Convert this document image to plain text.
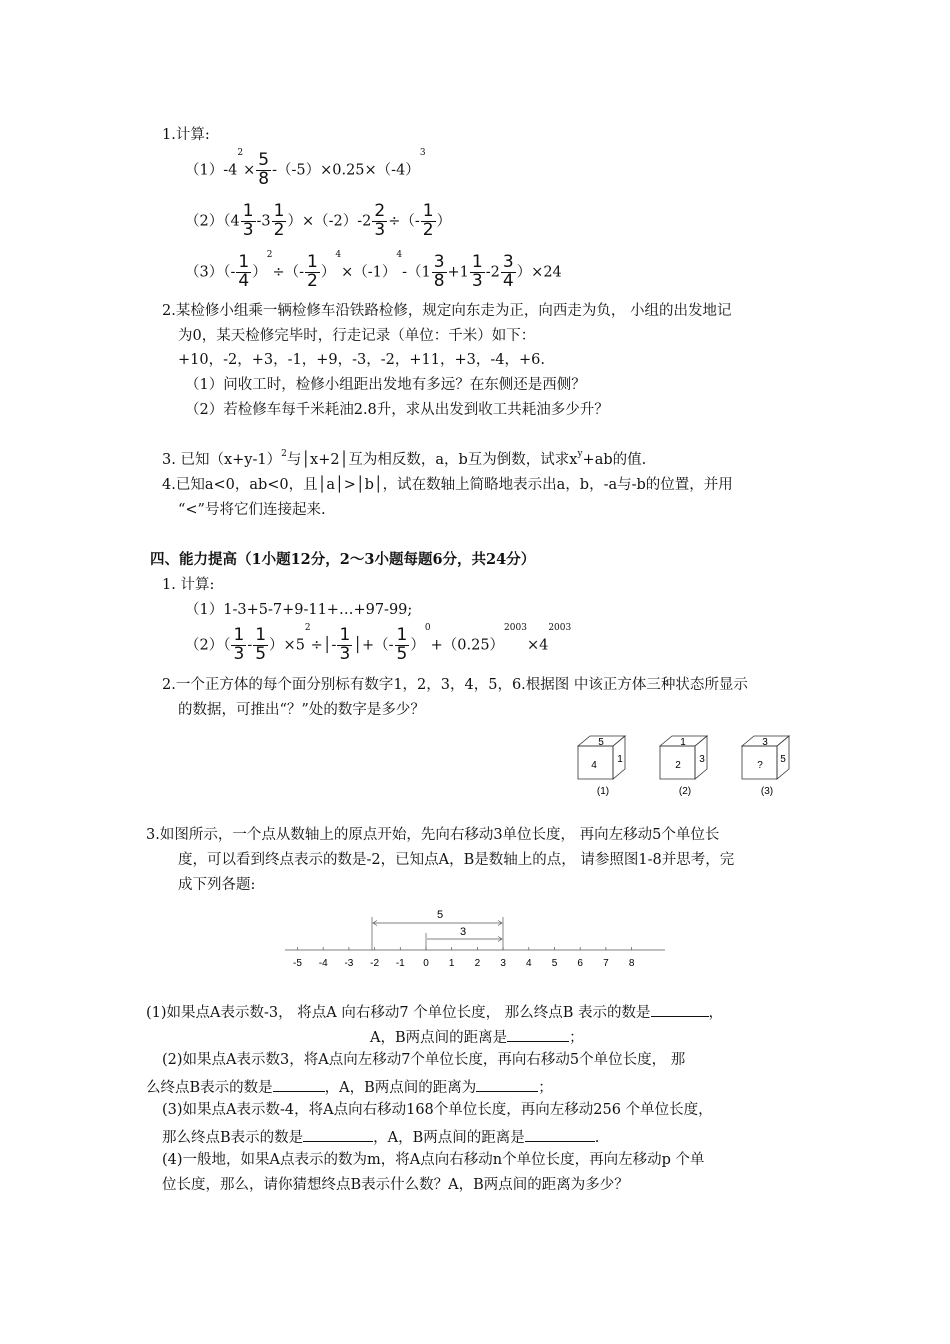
1.计算:
$(1)-4^2\times \frac{5}{8} -(-5)\times 0.25\times(-4)^3$
$(2)(4 \frac{1}{3} -3 \frac{1}{2} )\times(-2)-2 \frac{2}{3}$ ÷（- $\frac{1}{2}$ ）
$(3)(- \frac{1}{4} )^2\div(- \frac{1}{2} )^4\times(-1)^4-(1 \frac{3}{8} +1 \frac{1}{3} -2 \frac{3}{4} )\times 24$
2.某检修小组乘一辆检修车沿铁路检修，规定向东走为正，向西走为负， 小组的出发地记
为0，某天检修完毕时，行走记录（单位：千米）如下：
+10，-2，+3，-1，+9，-3，-2，+11，+3，-4，+6.
（1）问收工时，检修小组距出发地有多远？在东侧还是西侧？
（2）若检修车每千米耗油2.8升，求从出发到收工共耗油多少升？
3. 已知$(x+y-1)^2$与│x+2│互为相反数，a，b互为倒数，试求$x^y+ab$的值.
4.已知a<0，ab<0，且│a│>│b│，试在数轴上简略地表示出a，b，-a与-b的位置，并用
“<”号将它们连接起来.
四、能力提高（1小题12分，2～3小题每题6分，共24分）
1. 计算:
（1）1-3+5-7+9-11+…+97-99;
$(2)( \frac{1}{3} - \frac{1}{5}$ ）$\times 5^2\div│- \frac{1}{3}$ │+（- $\frac{1}{5} )^0+(0.25)^{2003}\times 4^{2003}$
2.一个正方体的每个面分别标有数字1，2，3，4，5，6.根据图 中该正方体三种状态所显示
的数据，可推出“？”处的数字是多少？
5
4
1
(1)
1
2
3
(2)
3
?
5
(3)
3.如图所示，一个点从数轴上的原点开始，先向右移动3单位长度， 再向左移动5个单位长
度，可以看到终点表示的数是-2，已知点A，B是数轴上的点， 请参照图1-8并思考，完
成下列各题:
-5 -4 -3 -2 -1 0 1 2 3 4 5 6 7 8
5
3
(1)如果点A表示数-3， 将点A 向右移动7 个单位长度， 那么终点B 表示的数是	，
A，B两点间的距离是	；
(2)如果点A表示数3，将A点向左移动7个单位长度，再向右移动5个单位长度， 那
么终点B表示的数是	，A，B两点间的距离为	；
(3)如果点A表示数-4，将A点向右移动168个单位长度，再向左移动256 个单位长度，
那么终点B表示的数是	，A，B两点间的距离是	.
(4)一般地，如果A点表示的数为m，将A点向右移动n个单位长度，再向左移动p 个单
位长度，那么，请你猜想终点B表示什么数？A，B两点间的距离为多少？
